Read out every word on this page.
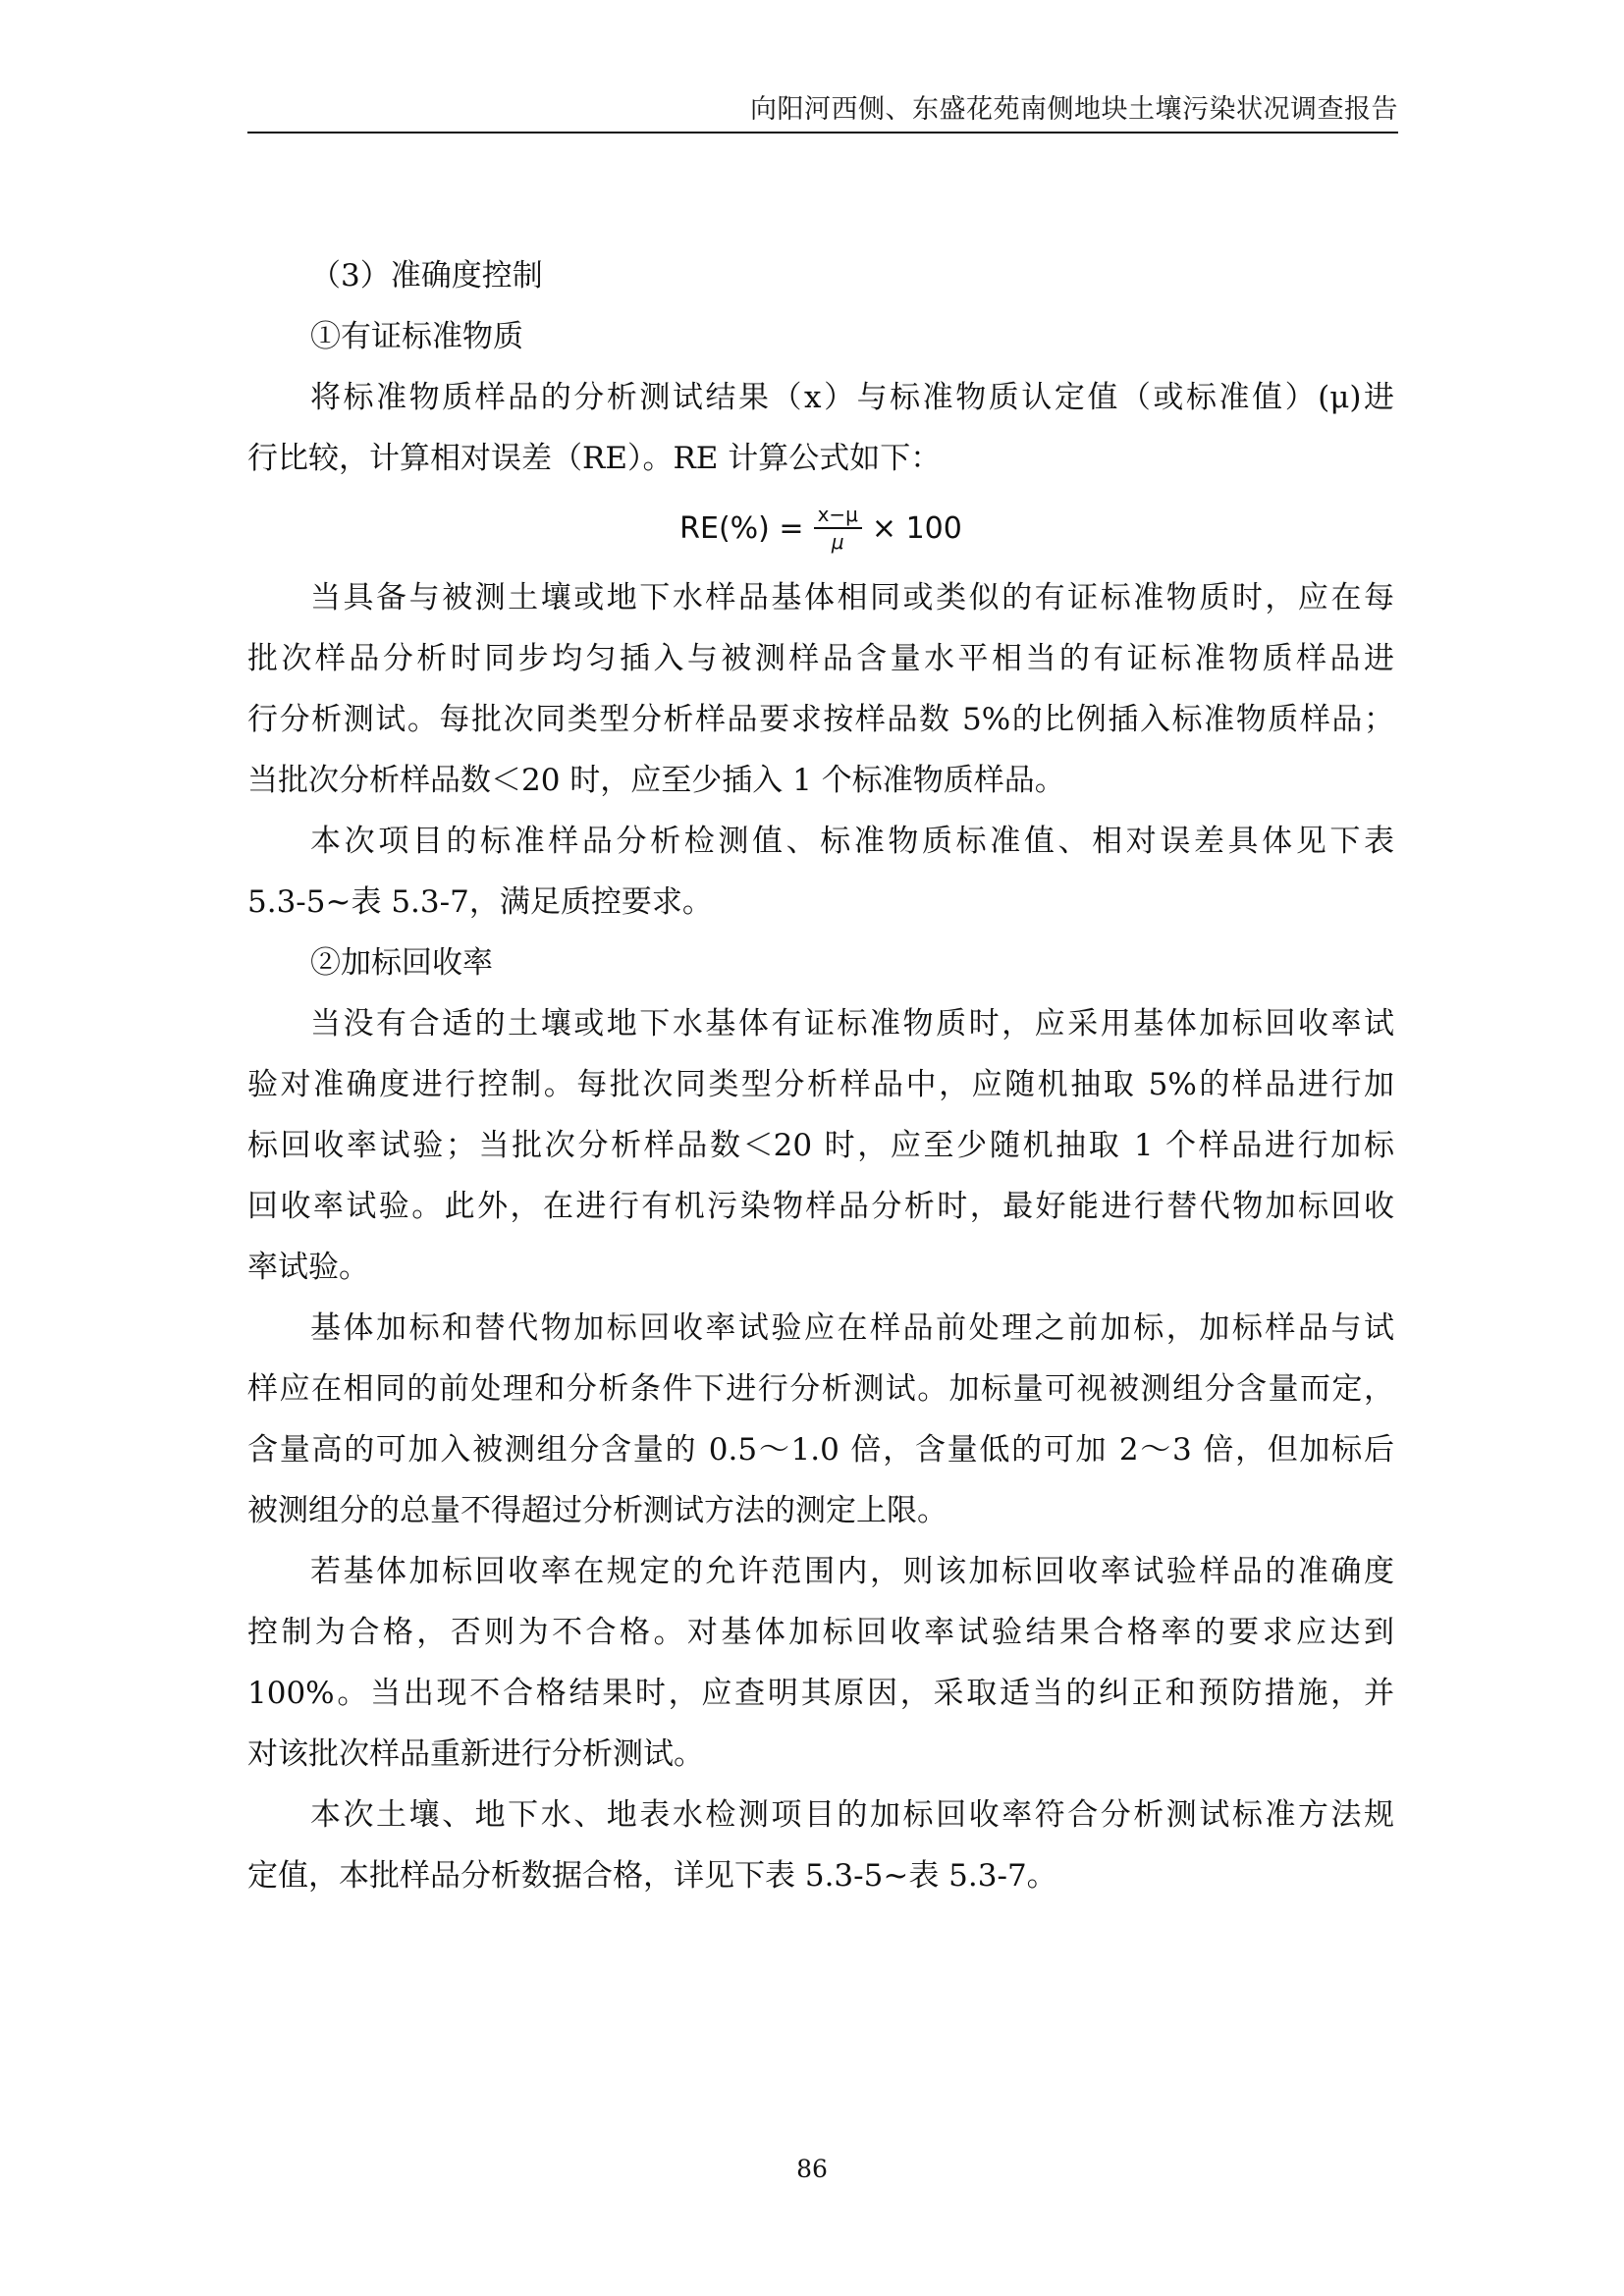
向阳河西侧、东盛花苑南侧地块土壤污染状况调查报告
（3）准确度控制
①有证标准物质
将标准物质样品的分析测试结果（x）与标准物质认定值（或标准值）(μ)进
行比较，计算相对误差（RE）。RE 计算公式如下：
$RE(\%) = \frac{x-\mu}{\mu} \times 100$
当具备与被测土壤或地下水样品基体相同或类似的有证标准物质时，应在每
批次样品分析时同步均匀插入与被测样品含量水平相当的有证标准物质样品进
行分析测试。每批次同类型分析样品要求按样品数 5%的比例插入标准物质样品；
当批次分析样品数＜20 时，应至少插入 1 个标准物质样品。
本次项目的标准样品分析检测值、标准物质标准值、相对误差具体见下表
5.3-5~表 5.3-7，满足质控要求。
②加标回收率
当没有合适的土壤或地下水基体有证标准物质时，应采用基体加标回收率试
验对准确度进行控制。每批次同类型分析样品中，应随机抽取 5%的样品进行加
标回收率试验；当批次分析样品数＜20 时，应至少随机抽取 1 个样品进行加标
回收率试验。此外，在进行有机污染物样品分析时，最好能进行替代物加标回收
率试验。
基体加标和替代物加标回收率试验应在样品前处理之前加标，加标样品与试
样应在相同的前处理和分析条件下进行分析测试。加标量可视被测组分含量而定，
含量高的可加入被测组分含量的 0.5～1.0 倍，含量低的可加 2～3 倍，但加标后
被测组分的总量不得超过分析测试方法的测定上限。
若基体加标回收率在规定的允许范围内，则该加标回收率试验样品的准确度
控制为合格，否则为不合格。对基体加标回收率试验结果合格率的要求应达到
100%。当出现不合格结果时，应查明其原因，采取适当的纠正和预防措施，并
对该批次样品重新进行分析测试。
本次土壤、地下水、地表水检测项目的加标回收率符合分析测试标准方法规
定值，本批样品分析数据合格，详见下表 5.3-5~表 5.3-7。
86
